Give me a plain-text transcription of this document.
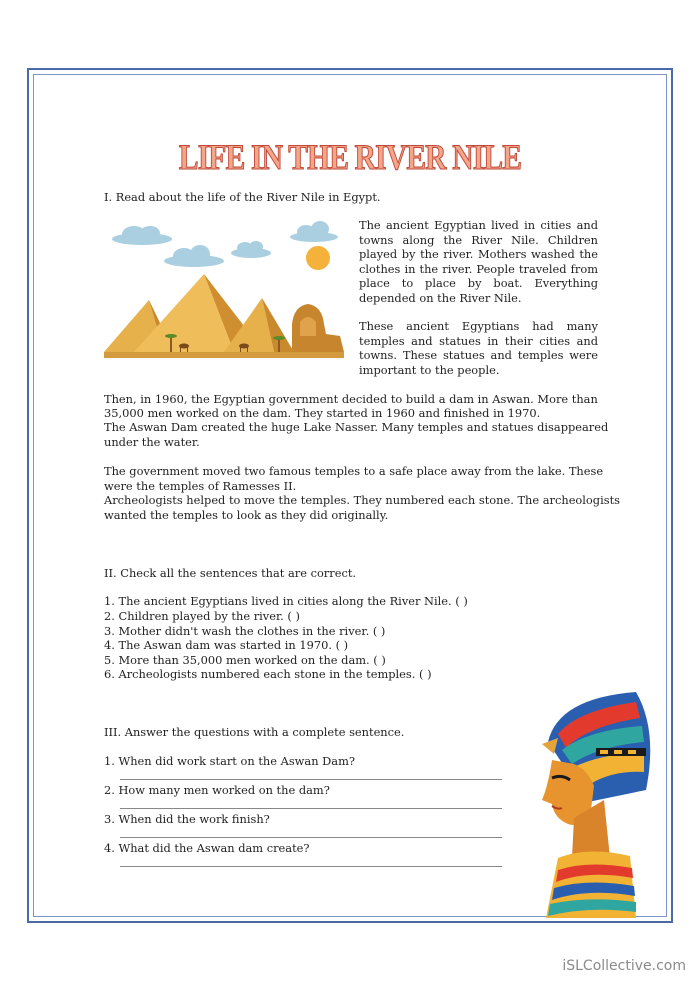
LIFE IN THE RIVER NILE
I. Read about the life of the River Nile in Egypt.
The ancient Egyptian lived in cities and towns along the River Nile. Children played by the river. Mothers washed the clothes in the river. People traveled from place to place by boat. Everything depended on the River Nile.
These ancient Egyptians had many temples and statues in their cities and towns. These statues and temples were important to the people.
Then, in 1960, the Egyptian government decided to build a dam in Aswan. More than
35,000 men worked on the dam. They started in 1960 and finished in 1970.
The Aswan Dam created the huge Lake Nasser. Many temples and statues disappeared
under the water.
The government moved two famous temples to a safe place away from the lake. These
were the temples of Ramesses II.
Archeologists helped to move the temples. They numbered each stone. The archeologists
wanted the temples to look as they did originally.
II. Check all the sentences that are correct.
1. The ancient Egyptians lived in cities along the River Nile. ( )
2. Children played by the river. ( )
3. Mother didn't wash the clothes in the river. ( )
4. The Aswan dam was started in 1970. ( )
5. More than 35,000 men worked on the dam. ( )
6. Archeologists numbered each stone in the temples. ( )
III. Answer the questions with a complete sentence.
1. When did work start on the Aswan Dam?
2. How many men worked on the dam?
3. When did the work finish?
4. What did the Aswan dam create?
iSLCollective.com
